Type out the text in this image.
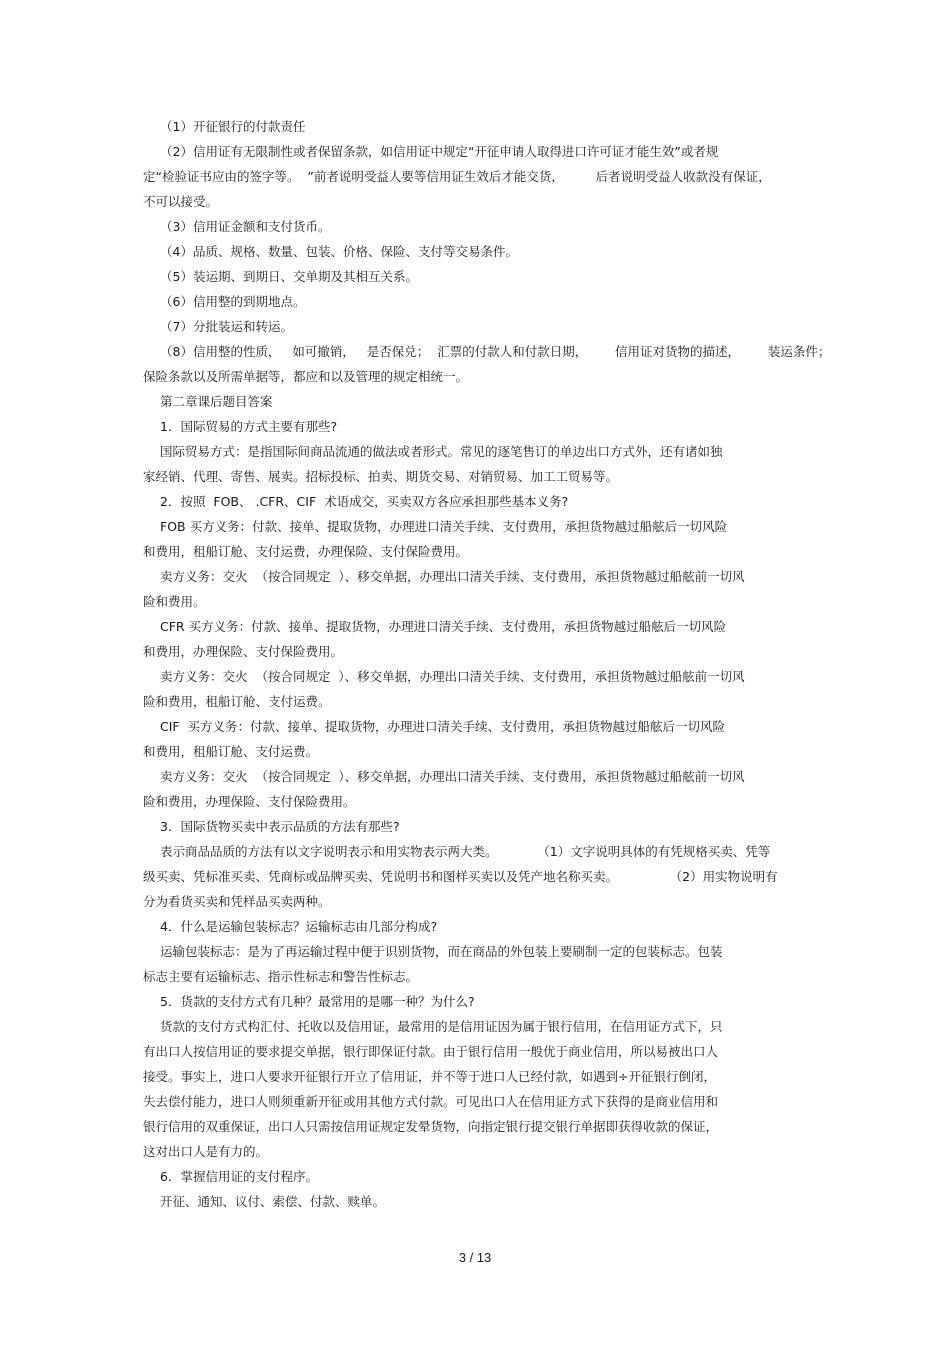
（1）开征银行的付款责任
（2）信用证有无限制性或者保留条款，如信用证中规定“开征申请人取得进口许可证才能生效”或者规
定“检验证书应由的签字等。  ”前者说明受益人要等信用证生效后才能交货，        后者说明受益人收款没有保证，
不可以接受。
（3）信用证金额和支付货币。
（4）品质、规格、数量、包装、价格、保险、支付等交易条件。
（5）装运期、到期日、交单期及其相互关系。
（6）信用整的到期地点。
（7）分批装运和转运。
（8）信用整的性质，   如可撤销，   是否保兑；  汇票的付款人和付款日期，       信用证对货物的描述，       装运条件；
保险条款以及所需单据等，都应和以及管理的规定相统一。
第二章课后题目答案
1．国际贸易的方式主要有那些?
国际贸易方式：是指国际间商品流通的做法或者形式。常见的逐笔售订的单边出口方式外，还有诸如独
家经销、代理、寄售、展卖。招标投标、拍卖、期货交易、对销贸易、加工工贸易等。
2．按照  FOB、 .CFR、CIF  术语成交，买卖双方各应承担那些基本义务?
FOB 买方义务：付款、接单、提取货物，办理进口清关手续、支付费用，承担货物越过船舷后一切风险
和费用，租船订舱、支付运费，办理保险、支付保险费用。
卖方义务：交火  （按合同规定  ）、移交单据，办理出口清关手续、支付费用，承担货物越过船舷前一切风
险和费用。
CFR 买方义务：付款、接单、提取货物，办理进口清关手续、支付费用，承担货物越过船舷后一切风险
和费用，办理保险、支付保险费用。
卖方义务：交火  （按合同规定  ）、移交单据，办理出口清关手续、支付费用，承担货物越过船舷前一切风
险和费用，租船订舱、支付运费。
CIF  买方义务：付款、接单、提取货物，办理进口清关手续、支付费用，承担货物越过船舷后一切风险
和费用，租船订舱、支付运费。
卖方义务：交火  （按合同规定  ）、移交单据，办理出口清关手续、支付费用，承担货物越过船舷前一切风
险和费用，办理保险、支付保险费用。
3．国际货物买卖中表示品质的方法有那些?
表示商品品质的方法有以文字说明表示和用实物表示两大类。          （1）文字说明具体的有凭规格买卖、凭等
级买卖、凭标准买卖、凭商标或品牌买卖、凭说明书和图样买卖以及凭产地名称买卖。             （2）用实物说明有
分为看货买卖和凭样品买卖两种。
4．什么是运输包装标志？运输标志由几部分构成?
运输包装标志：是为了再运输过程中便于识别货物，而在商品的外包装上要刷制一定的包装标志。包装
标志主要有运输标志、指示性标志和警告性标志。
5．货款的支付方式有几种？最常用的是哪一种？为什么?
货款的支付方式构汇付、托收以及信用证，最常用的是信用证因为属于银行信用，在信用证方式下，只
有出口人按信用证的要求提交单据，银行即保证付款。由于银行信用一般优于商业信用，所以易被出口人
接受。事实上，进口人要求开征银行开立了信用证，并不等于进口人已经付款，如遇到÷开征银行倒闭，
失去偿付能力，进口人则须重新开征或用其他方式付款。可见出口人在信用证方式下获得的是商业信用和
银行信用的双重保证，出口人只需按信用证规定发晕货物，向指定银行提交银行单据即获得收款的保证，
这对出口人是有力的。
6．掌握信用证的支付程序。
开征、通知、议付、索偿、付款、赎单。
3 / 13
